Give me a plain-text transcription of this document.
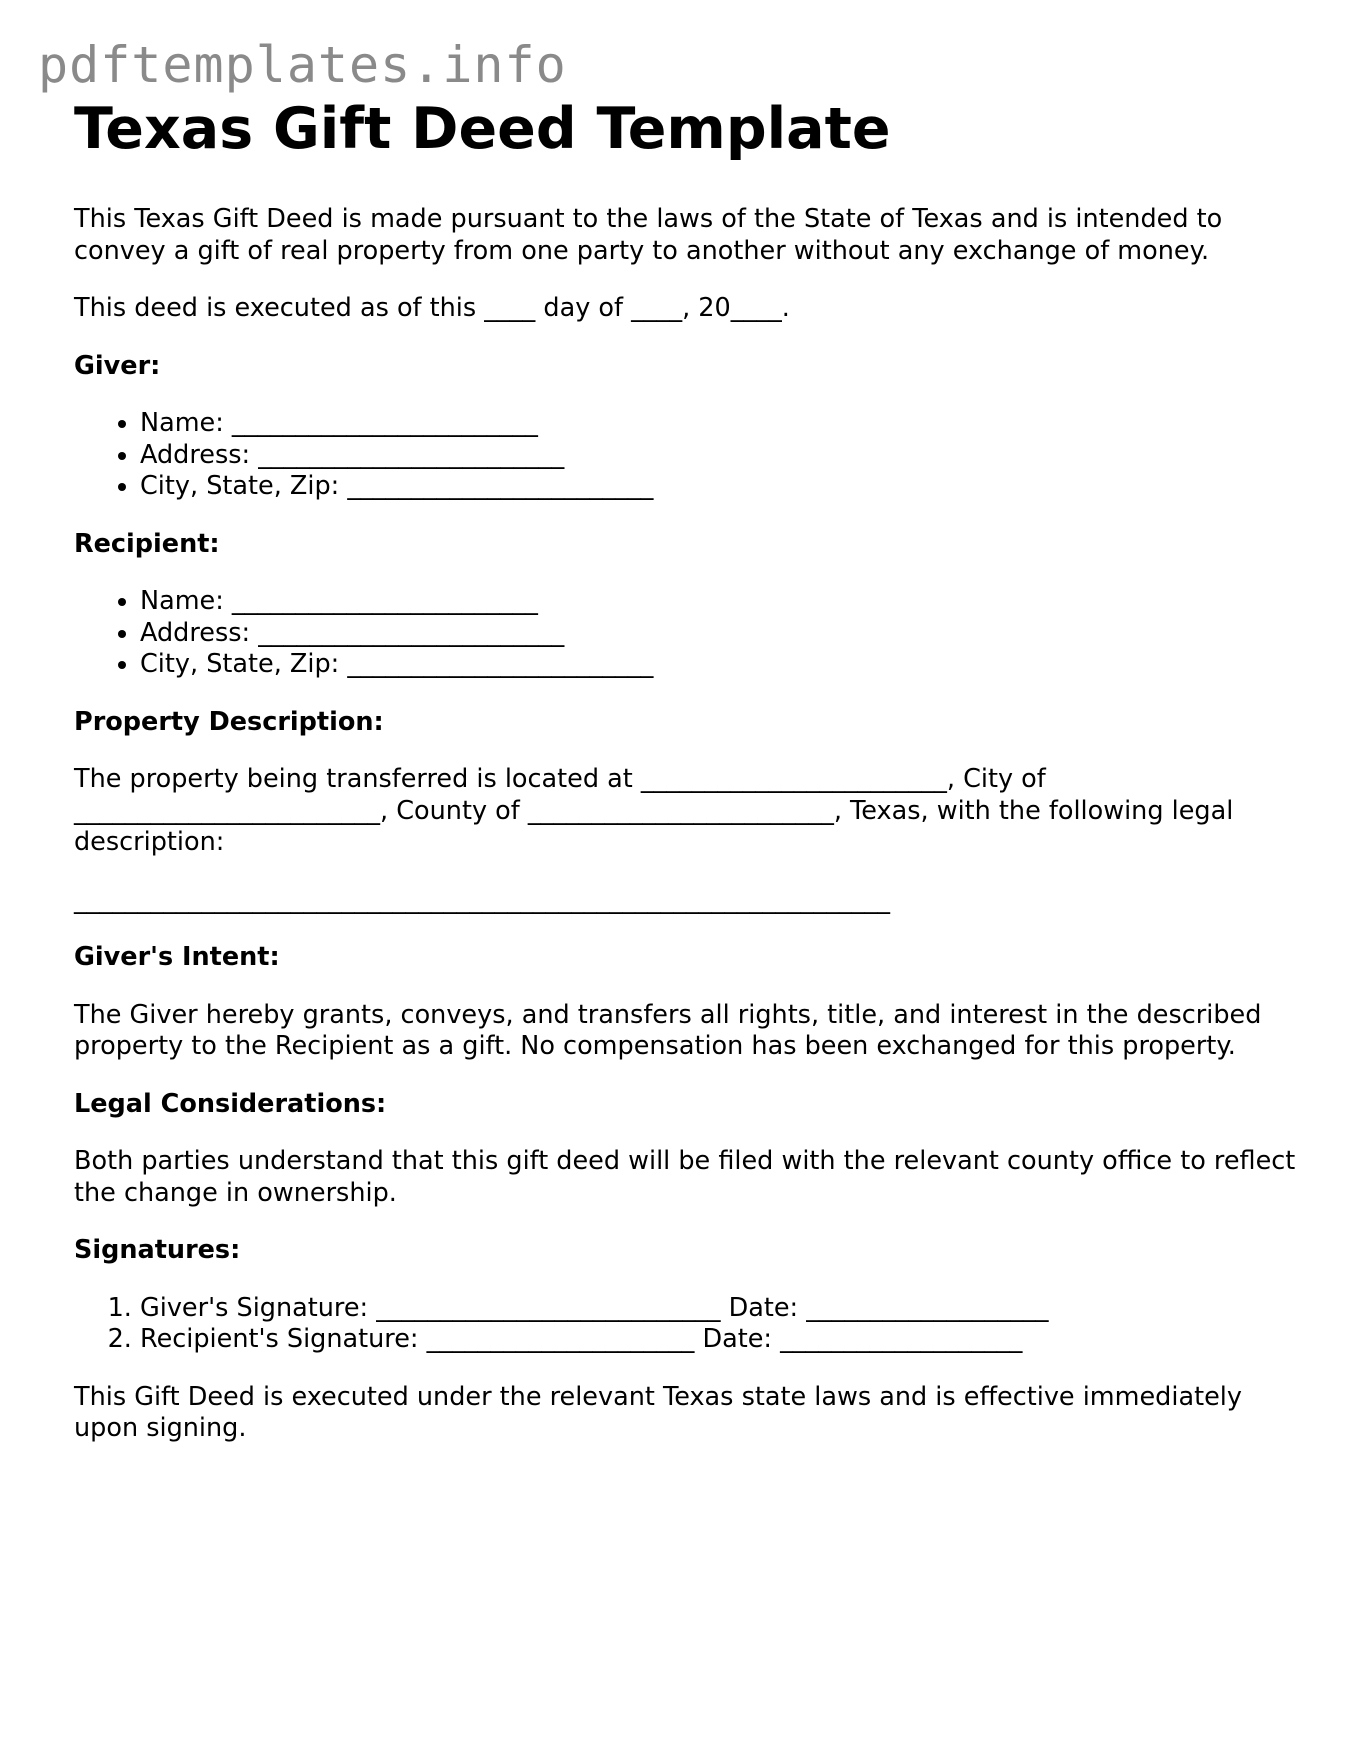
pdftemplates.info
Texas Gift Deed Template

This Texas Gift Deed is made pursuant to the laws of the State of Texas and is intended to convey a gift of real property from one party to another without any exchange of money.

This deed is executed as of this ____ day of ____, 20____.

Giver:
• Name: ________________________
• Address: ________________________
• City, State, Zip: ________________________
Recipient:
• Name: ________________________
• Address: ________________________
• City, State, Zip: ________________________
Property Description:

The property being transferred is located at ________________________, City of ________________________, County of ________________________, Texas, with the following legal description:

________________________________________________________________

Giver's Intent:

The Giver hereby grants, conveys, and transfers all rights, title, and interest in the described property to the Recipient as a gift. No compensation has been exchanged for this property.

Legal Considerations:

Both parties understand that this gift deed will be filed with the relevant county office to reflect the change in ownership.

Signatures:
1. Giver's Signature: ___________________________ Date: ___________________
2. Recipient's Signature: _____________________ Date: ___________________

This Gift Deed is executed under the relevant Texas state laws and is effective immediately upon signing.
